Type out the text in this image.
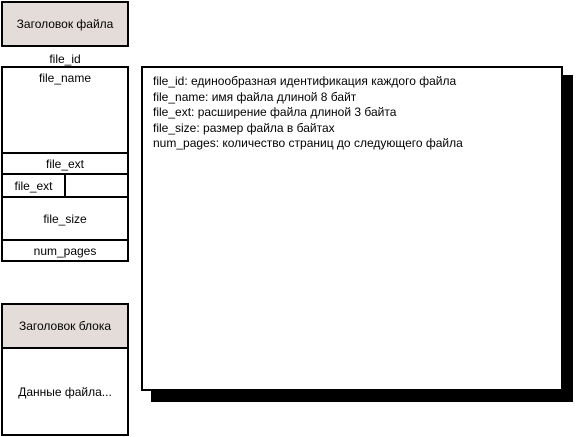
Заголовок файла
file_id
file_name
file_ext
file_ext
file_size
num_pages
Заголовок блока
Данные файла...
file_id: единообразная идентификация каждого файла
file_name: имя файла длиной 8 байт
file_ext: расширение файла длиной 3 байта
file_size: размер файла в байтах
num_pages: количество страниц до следующего файла
